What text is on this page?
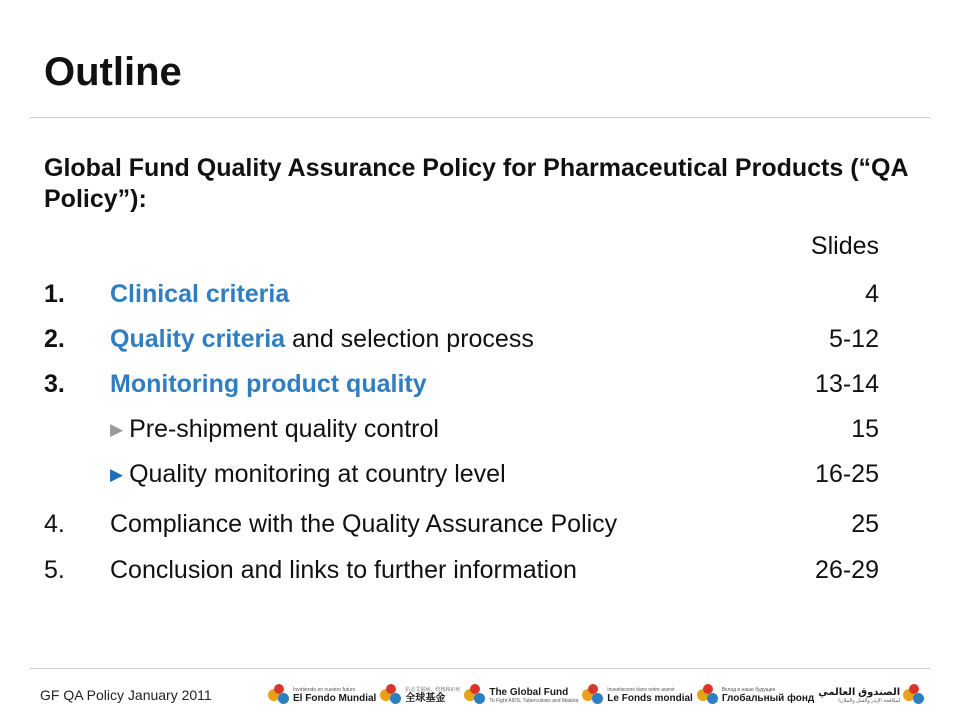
Outline
Global Fund Quality Assurance Policy for Pharmaceutical Products (“QA Policy”):
Slides
1. Clinical criteria	4
2. Quality criteria and selection process	5-12
3. Monitoring product quality	13-14
▶ Pre-shipment quality control	15
▶ Quality monitoring at country level	16-25
4. Compliance with the Quality Assurance Policy	25
5. Conclusion and links to further information	26-29
GF QA Policy January 2011	Invirtiendo en nuestro futuro
El Fondo Mundial
抗击艾滋病、结核和疟疾
全球基金
The Global Fund
To Fight AIDS, Tuberculosis and Malaria
Investissons dans notre avenir
Le Fonds mondial
Вклад в наше будущее
Глобальный фонд
الصندوق العالمي
لمكافحة الإيدز والسل والملاريا
